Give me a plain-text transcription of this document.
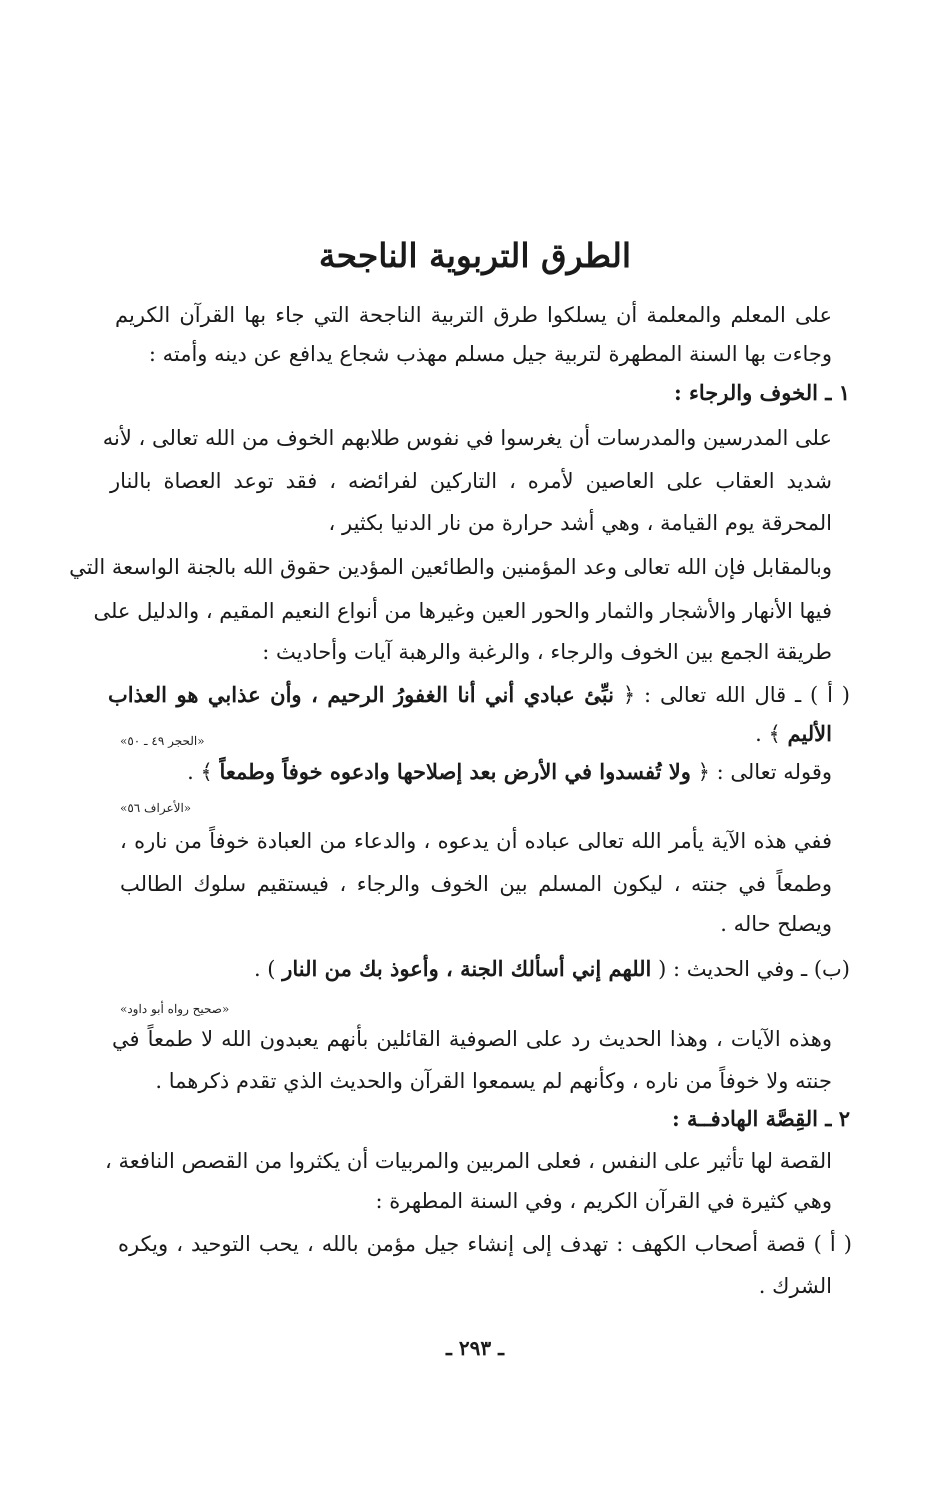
الطرق التربوية الناجحة
على المعلم والمعلمة أن يسلكوا طرق التربية الناجحة التي جاء بها القرآن الكريم
وجاءت بها السنة المطهرة لتربية جيل مسلم مهذب شجاع يدافع عن دينه وأمته :
١ ـ الخوف والرجاء :
على المدرسين والمدرسات أن يغرسوا في نفوس طلابهم الخوف من الله تعالى ، لأنه
شديد العقاب على العاصين لأمره ، التاركين لفرائضه ، فقد توعد العصاة بالنار
المحرقة يوم القيامة ، وهي أشد حرارة من نار الدنيا بكثير ،
وبالمقابل فإن الله تعالى وعد المؤمنين والطائعين المؤدين حقوق الله بالجنة الواسعة التي
فيها الأنهار والأشجار والثمار والحور العين وغيرها من أنواع النعيم المقيم ، والدليل على
طريقة الجمع بين الخوف والرجاء ، والرغبة والرهبة آيات وأحاديث :
( أ ) ـ قال الله تعالى : ﴿ نبِّئ عبادي أني أنا الغفورُ الرحيم ، وأن عذابي هو العذاب
الأليم ﴾ .
«الحجر ٤٩ ـ ٥٠»
وقوله تعالى : ﴿ ولا تُفسدوا في الأرض بعد إصلاحها وادعوه خوفاً وطمعاً ﴾ .
«الأعراف ٥٦»
ففي هذه الآية يأمر الله تعالى عباده أن يدعوه ، والدعاء من العبادة خوفاً من ناره ،
وطمعاً في جنته ، ليكون المسلم بين الخوف والرجاء ، فيستقيم سلوك الطالب
ويصلح حاله .
(ب) ـ وفي الحديث : ( اللهم إني أسألك الجنة ، وأعوذ بك من النار ) .
«صحيح رواه أبو داود»
وهذه الآيات ، وهذا الحديث رد على الصوفية القائلين بأنهم يعبدون الله لا طمعاً في
جنته ولا خوفاً من ناره ، وكأنهم لم يسمعوا القرآن والحديث الذي تقدم ذكرهما .
٢ ـ القِصَّة الهادفــة :
القصة لها تأثير على النفس ، فعلى المربين والمربيات أن يكثروا من القصص النافعة ،
وهي كثيرة في القرآن الكريم ، وفي السنة المطهرة :
( أ ) قصة أصحاب الكهف : تهدف إلى إنشاء جيل مؤمن بالله ، يحب التوحيد ، ويكره
الشرك .
ـ ٢٩٣ ـ
